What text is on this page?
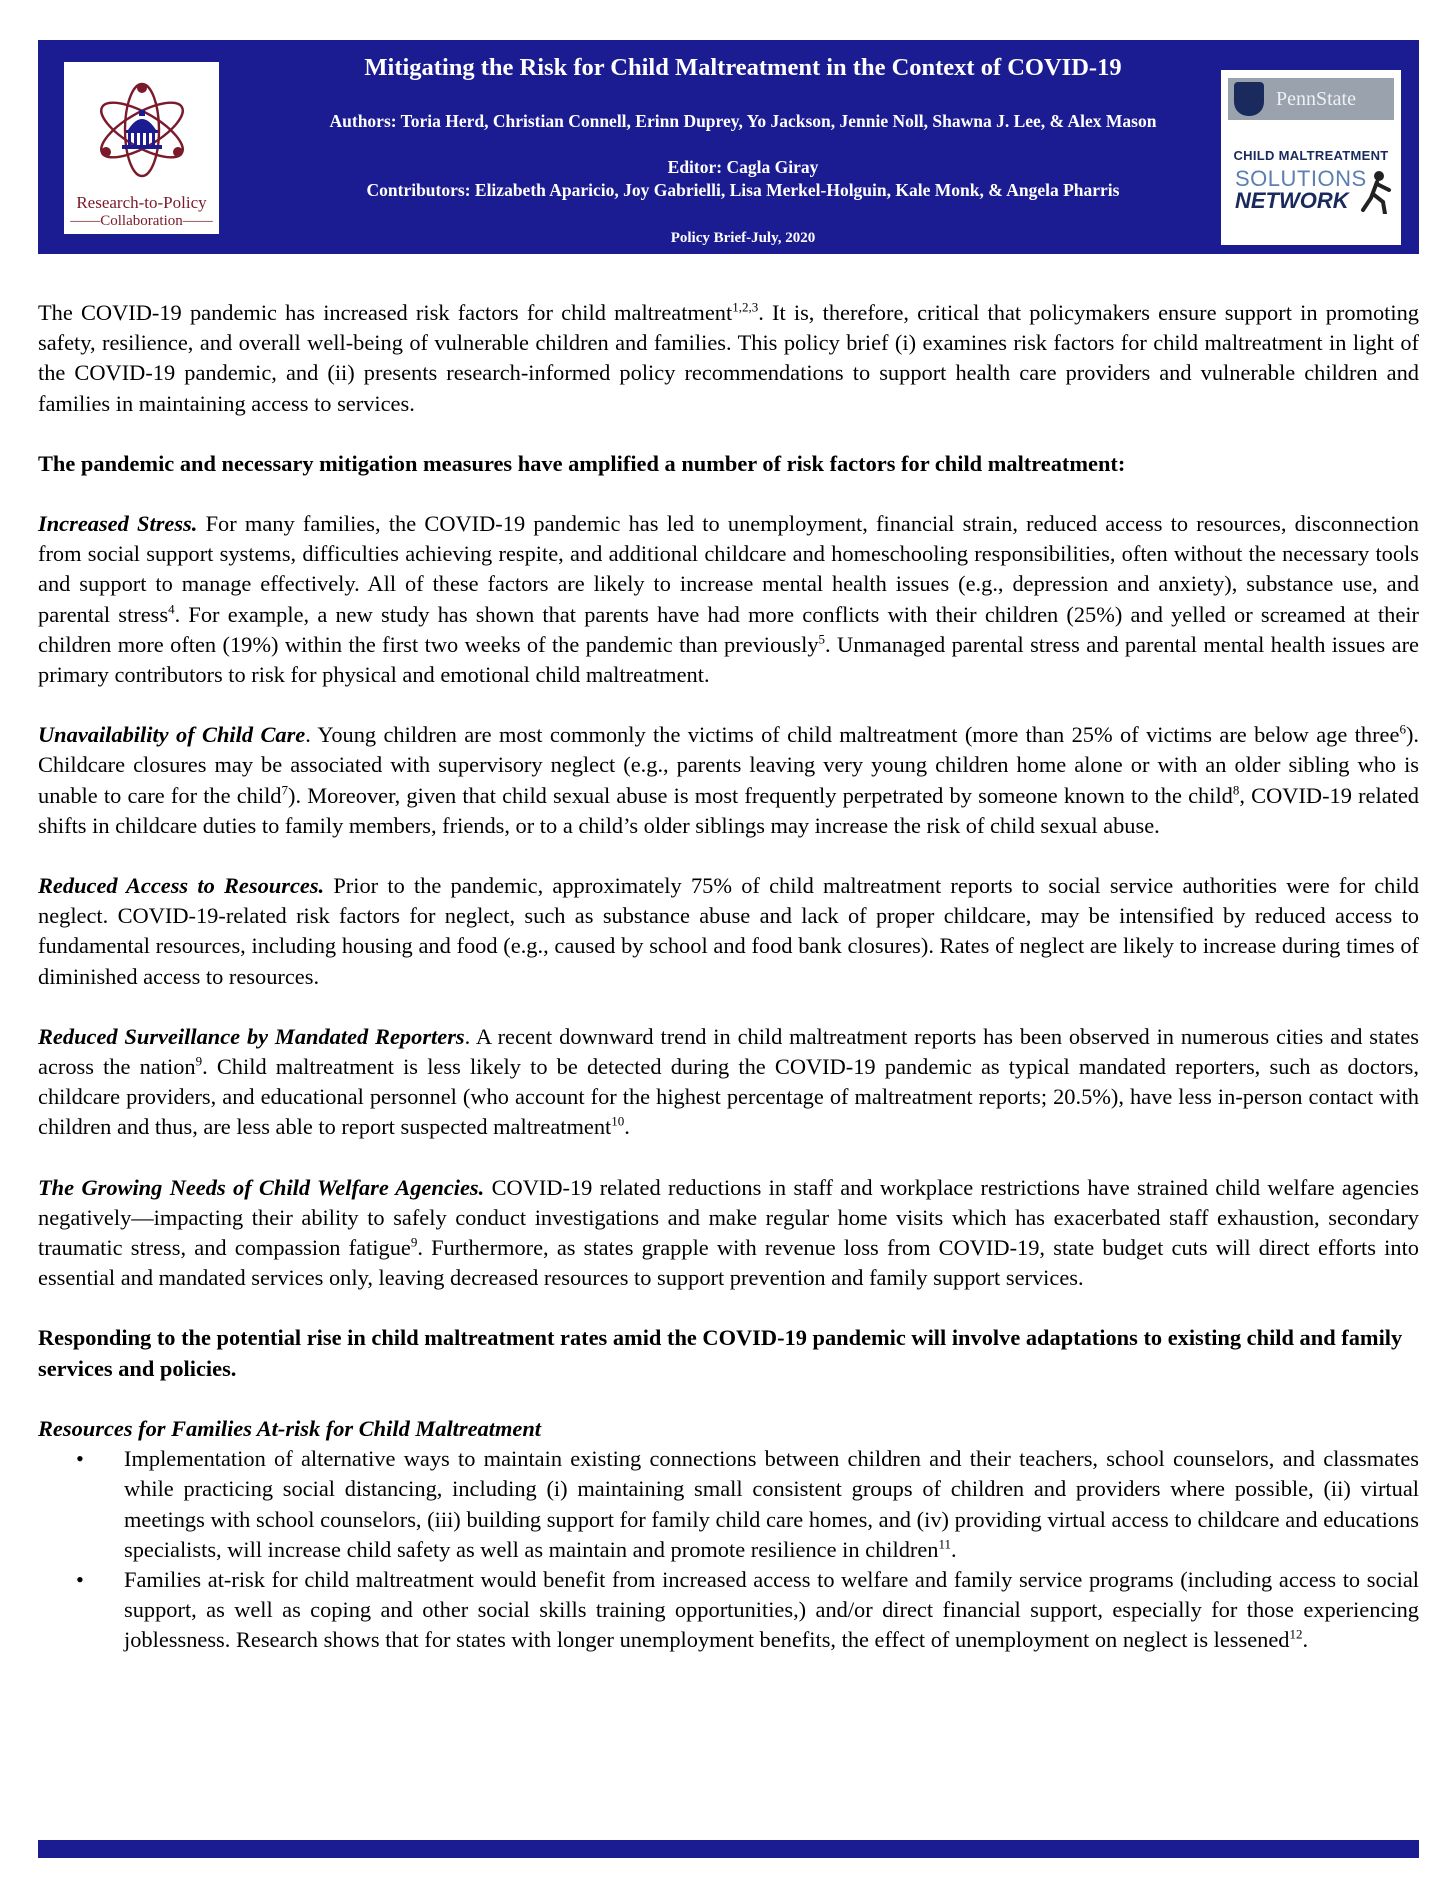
Research-to-Policy
——Collaboration——
Mitigating the Risk for Child Maltreatment in the Context of COVID-19
Authors: Toria Herd, Christian Connell, Erinn Duprey, Yo Jackson, Jennie Noll, Shawna J. Lee, & Alex Mason
Editor: Cagla Giray
Contributors: Elizabeth Aparicio, Joy Gabrielli, Lisa Merkel-Holguin, Kale Monk, & Angela Pharris
Policy Brief-July, 2020
PennState
CHILD MALTREATMENT
SOLUTIONS
NETWORK

The COVID-19 pandemic has increased risk factors for child maltreatment$^{1,2,3}$. It is, therefore, critical that policymakers ensure support in promoting safety, resilience, and overall well-being of vulnerable children and families. This policy brief (i) examines risk factors for child maltreatment in light of the COVID-19 pandemic, and (ii) presents research-informed policy recommendations to support health care providers and vulnerable children and families in maintaining access to services.

The pandemic and necessary mitigation measures have amplified a number of risk factors for child maltreatment:

Increased Stress. For many families, the COVID-19 pandemic has led to unemployment, financial strain, reduced access to resources, disconnection from social support systems, difficulties achieving respite, and additional childcare and homeschooling responsibilities, often without the necessary tools and support to manage effectively. All of these factors are likely to increase mental health issues (e.g., depression and anxiety), substance use, and parental stress$^4$. For example, a new study has shown that parents have had more conflicts with their children (25%) and yelled or screamed at their children more often (19%) within the first two weeks of the pandemic than previously$^5$. Unmanaged parental stress and parental mental health issues are primary contributors to risk for physical and emotional child maltreatment.

Unavailability of Child Care. Young children are most commonly the victims of child maltreatment (more than 25% of victims are below age three$^6$). Childcare closures may be associated with supervisory neglect (e.g., parents leaving very young children home alone or with an older sibling who is unable to care for the child$^7$). Moreover, given that child sexual abuse is most frequently perpetrated by someone known to the child$^8$, COVID-19 related shifts in childcare duties to family members, friends, or to a child’s older siblings may increase the risk of child sexual abuse.

Reduced Access to Resources. Prior to the pandemic, approximately 75% of child maltreatment reports to social service authorities were for child neglect. COVID-19-related risk factors for neglect, such as substance abuse and lack of proper childcare, may be intensified by reduced access to fundamental resources, including housing and food (e.g., caused by school and food bank closures). Rates of neglect are likely to increase during times of diminished access to resources.

Reduced Surveillance by Mandated Reporters. A recent downward trend in child maltreatment reports has been observed in numerous cities and states across the nation$^9$. Child maltreatment is less likely to be detected during the COVID-19 pandemic as typical mandated reporters, such as doctors, childcare providers, and educational personnel (who account for the highest percentage of maltreatment reports; 20.5%), have less in-person contact with children and thus, are less able to report suspected maltreatment$^{10}$.

The Growing Needs of Child Welfare Agencies. COVID-19 related reductions in staff and workplace restrictions have strained child welfare agencies negatively—impacting their ability to safely conduct investigations and make regular home visits which has exacerbated staff exhaustion, secondary traumatic stress, and compassion fatigue$^9$. Furthermore, as states grapple with revenue loss from COVID-19, state budget cuts will direct efforts into essential and mandated services only, leaving decreased resources to support prevention and family support services.

Responding to the potential rise in child maltreatment rates amid the COVID-19 pandemic will involve adaptations to existing child and family services and policies.

Resources for Families At-risk for Child Maltreatment

• Implementation of alternative ways to maintain existing connections between children and their teachers, school counselors, and classmates while practicing social distancing, including (i) maintaining small consistent groups of children and providers where possible, (ii) virtual meetings with school counselors, (iii) building support for family child care homes, and (iv) providing virtual access to childcare and educations specialists, will increase child safety as well as maintain and promote resilience in children$^{11}$.
• Families at-risk for child maltreatment would benefit from increased access to welfare and family service programs (including access to social support, as well as coping and other social skills training opportunities,) and/or direct financial support, especially for those experiencing joblessness. Research shows that for states with longer unemployment benefits, the effect of unemployment on neglect is lessened$^{12}$.
